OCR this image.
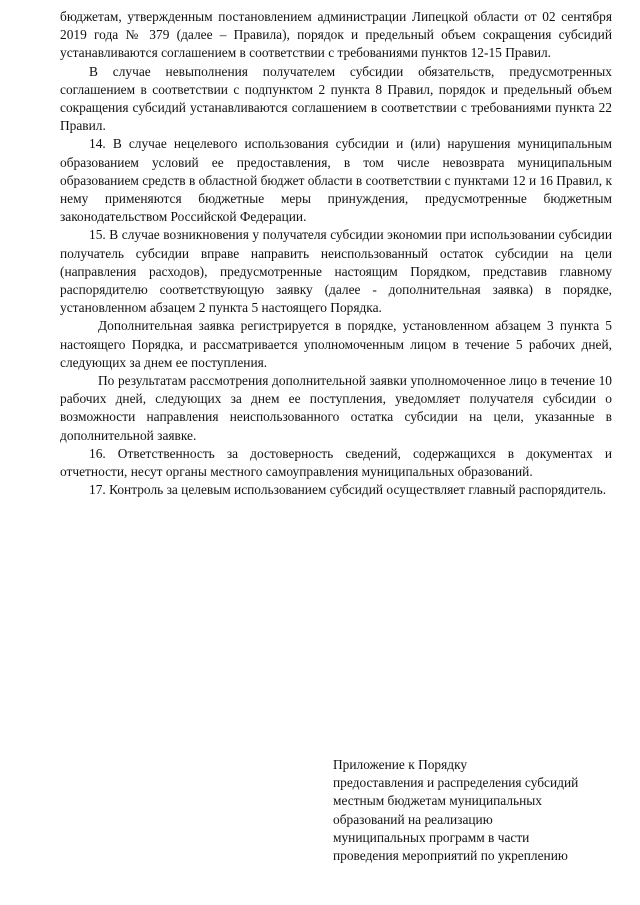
бюджетам, утвержденным постановлением администрации Липецкой области от 02 сентября 2019 года № 379 (далее – Правила), порядок и предельный объем сокращения субсидий устанавливаются соглашением в соответствии с требованиями пунктов 12-15 Правил.

В случае невыполнения получателем субсидии обязательств, предусмотренных соглашением в соответствии с подпунктом 2 пункта 8 Правил, порядок и предельный объем сокращения субсидий устанавливаются соглашением в соответствии с требованиями пункта 22 Правил.

14. В случае нецелевого использования субсидии и (или) нарушения муниципальным образованием условий ее предоставления, в том числе невозврата муниципальным образованием средств в областной бюджет области в соответствии с пунктами 12 и 16 Правил, к нему применяются бюджетные меры принуждения, предусмотренные бюджетным законодательством Российской Федерации.

15. В случае возникновения у получателя субсидии экономии при использовании субсидии получатель субсидии вправе направить неиспользованный остаток субсидии на цели (направления расходов), предусмотренные настоящим Порядком, представив главному распорядителю соответствующую заявку (далее - дополнительная заявка) в порядке, установленном абзацем 2 пункта 5 настоящего Порядка.

Дополнительная заявка регистрируется в порядке, установленном абзацем 3 пункта 5 настоящего Порядка, и рассматривается уполномоченным лицом в течение 5 рабочих дней, следующих за днем ее поступления.

По результатам рассмотрения дополнительной заявки уполномоченное лицо в течение 10 рабочих дней, следующих за днем ее поступления, уведомляет получателя субсидии о возможности направления неиспользованного остатка субсидии на цели, указанные в дополнительной заявке.

16. Ответственность за достоверность сведений, содержащихся в документах и отчетности, несут органы местного самоуправления муниципальных образований.

17. Контроль за целевым использованием субсидий осуществляет главный распорядитель.

Приложение к Порядку
предоставления и распределения субсидий
местным бюджетам муниципальных
образований на реализацию
муниципальных программ в части
проведения мероприятий по укреплению
